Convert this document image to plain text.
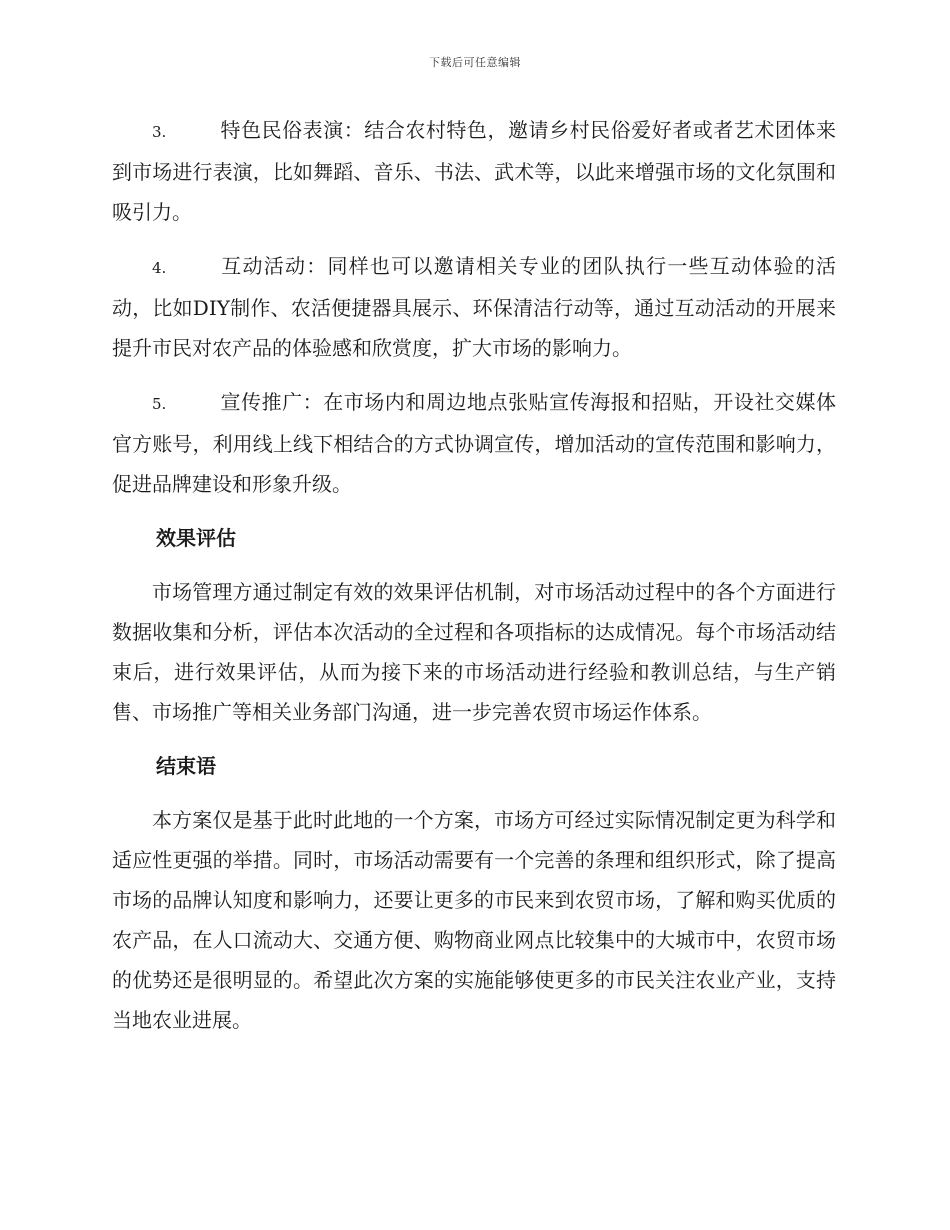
下载后可任意编辑

3.	特色民俗表演：结合农村特色，邀请乡村民俗爱好者或者艺术团体来到市场进行表演，比如舞蹈、音乐、书法、武术等，以此来增强市场的文化氛围和吸引力。

4.	互动活动：同样也可以邀请相关专业的团队执行一些互动体验的活动，比如DIY制作、农活便捷器具展示、环保清洁行动等，通过互动活动的开展来提升市民对农产品的体验感和欣赏度，扩大市场的影响力。

5.	宣传推广：在市场内和周边地点张贴宣传海报和招贴，开设社交媒体官方账号，利用线上线下相结合的方式协调宣传，增加活动的宣传范围和影响力，促进品牌建设和形象升级。

效果评估

市场管理方通过制定有效的效果评估机制，对市场活动过程中的各个方面进行数据收集和分析，评估本次活动的全过程和各项指标的达成情况。每个市场活动结束后，进行效果评估，从而为接下来的市场活动进行经验和教训总结，与生产销售、市场推广等相关业务部门沟通，进一步完善农贸市场运作体系。

结束语

本方案仅是基于此时此地的一个方案，市场方可经过实际情况制定更为科学和适应性更强的举措。同时，市场活动需要有一个完善的条理和组织形式，除了提高市场的品牌认知度和影响力，还要让更多的市民来到农贸市场，了解和购买优质的农产品，在人口流动大、交通方便、购物商业网点比较集中的大城市中，农贸市场的优势还是很明显的。希望此次方案的实施能够使更多的市民关注农业产业，支持当地农业进展。
